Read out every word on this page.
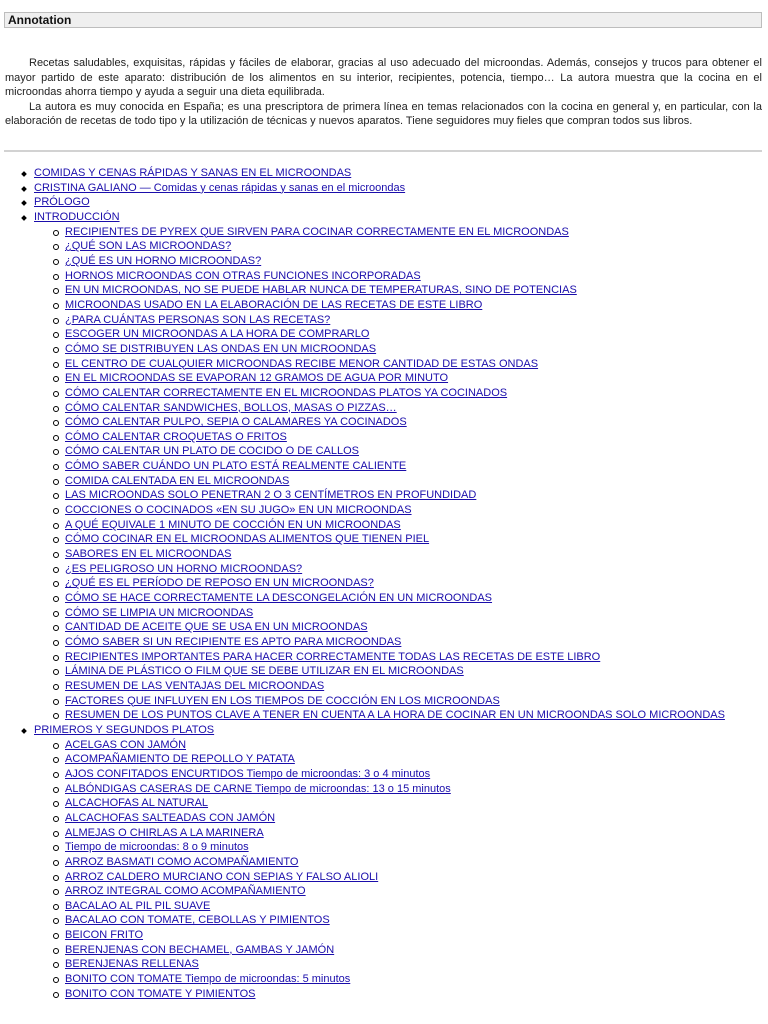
Annotation

Recetas saludables, exquisitas, rápidas y fáciles de elaborar, gracias al uso adecuado del microondas. Además, consejos y trucos para obtener el mayor partido de este aparato: distribución de los alimentos en su interior, recipientes, potencia, tiempo… La autora muestra que la cocina en el microondas ahorra tiempo y ayuda a seguir una dieta equilibrada.

La autora es muy conocida en España; es una prescriptora de primera línea en temas relacionados con la cocina en general y, en particular, con la elaboración de recetas de todo tipo y la utilización de técnicas y nuevos aparatos. Tiene seguidores muy fieles que compran todos sus libros.

COMIDAS Y CENAS RÁPIDAS Y SANAS EN EL MICROONDAS
CRISTINA GALIANO — Comidas y cenas rápidas y sanas en el microondas
PRÓLOGO
INTRODUCCIÓN
RECIPIENTES DE PYREX QUE SIRVEN PARA COCINAR CORRECTAMENTE EN EL MICROONDAS
¿QUÉ SON LAS MICROONDAS?
¿QUÉ ES UN HORNO MICROONDAS?
HORNOS MICROONDAS CON OTRAS FUNCIONES INCORPORADAS
EN UN MICROONDAS, NO SE PUEDE HABLAR NUNCA DE TEMPERATURAS, SINO DE POTENCIAS
MICROONDAS USADO EN LA ELABORACIÓN DE LAS RECETAS DE ESTE LIBRO
¿PARA CUÁNTAS PERSONAS SON LAS RECETAS?
ESCOGER UN MICROONDAS A LA HORA DE COMPRARLO
CÓMO SE DISTRIBUYEN LAS ONDAS EN UN MICROONDAS
EL CENTRO DE CUALQUIER MICROONDAS RECIBE MENOR CANTIDAD DE ESTAS ONDAS
EN EL MICROONDAS SE EVAPORAN 12 GRAMOS DE AGUA POR MINUTO
CÓMO CALENTAR CORRECTAMENTE EN EL MICROONDAS PLATOS YA COCINADOS
CÓMO CALENTAR SANDWICHES, BOLLOS, MASAS O PIZZAS…
CÓMO CALENTAR PULPO, SEPIA O CALAMARES YA COCINADOS
CÓMO CALENTAR CROQUETAS O FRITOS
CÓMO CALENTAR UN PLATO DE COCIDO O DE CALLOS
CÓMO SABER CUÁNDO UN PLATO ESTÁ REALMENTE CALIENTE
COMIDA CALENTADA EN EL MICROONDAS
LAS MICROONDAS SOLO PENETRAN 2 O 3 CENTÍMETROS EN PROFUNDIDAD
COCCIONES O COCINADOS «EN SU JUGO» EN UN MICROONDAS
A QUÉ EQUIVALE 1 MINUTO DE COCCIÓN EN UN MICROONDAS
CÓMO COCINAR EN EL MICROONDAS ALIMENTOS QUE TIENEN PIEL
SABORES EN EL MICROONDAS
¿ES PELIGROSO UN HORNO MICROONDAS?
¿QUÉ ES EL PERÍODO DE REPOSO EN UN MICROONDAS?
CÓMO SE HACE CORRECTAMENTE LA DESCONGELACIÓN EN UN MICROONDAS
CÓMO SE LIMPIA UN MICROONDAS
CANTIDAD DE ACEITE QUE SE USA EN UN MICROONDAS
CÓMO SABER SI UN RECIPIENTE ES APTO PARA MICROONDAS
RECIPIENTES IMPORTANTES PARA HACER CORRECTAMENTE TODAS LAS RECETAS DE ESTE LIBRO
LÁMINA DE PLÁSTICO O FILM QUE SE DEBE UTILIZAR EN EL MICROONDAS
RESUMEN DE LAS VENTAJAS DEL MICROONDAS
FACTORES QUE INFLUYEN EN LOS TIEMPOS DE COCCIÓN EN LOS MICROONDAS
RESUMEN DE LOS PUNTOS CLAVE A TENER EN CUENTA A LA HORA DE COCINAR EN UN MICROONDAS SOLO MICROONDAS
PRIMEROS Y SEGUNDOS PLATOS
ACELGAS CON JAMÓN
ACOMPAÑAMIENTO DE REPOLLO Y PATATA
AJOS CONFITADOS ENCURTIDOS Tiempo de microondas: 3 o 4 minutos
ALBÓNDIGAS CASERAS DE CARNE Tiempo de microondas: 13 o 15 minutos
ALCACHOFAS AL NATURAL
ALCACHOFAS SALTEADAS CON JAMÓN
ALMEJAS O CHIRLAS A LA MARINERA
Tiempo de microondas: 8 o 9 minutos
ARROZ BASMATI COMO ACOMPAÑAMIENTO
ARROZ CALDERO MURCIANO CON SEPIAS Y FALSO ALIOLI
ARROZ INTEGRAL COMO ACOMPAÑAMIENTO
BACALAO AL PIL PIL SUAVE
BACALAO CON TOMATE, CEBOLLAS Y PIMIENTOS
BEICON FRITO
BERENJENAS CON BECHAMEL, GAMBAS Y JAMÓN
BERENJENAS RELLENAS
BONITO CON TOMATE Tiempo de microondas: 5 minutos
BONITO CON TOMATE Y PIMIENTOS
